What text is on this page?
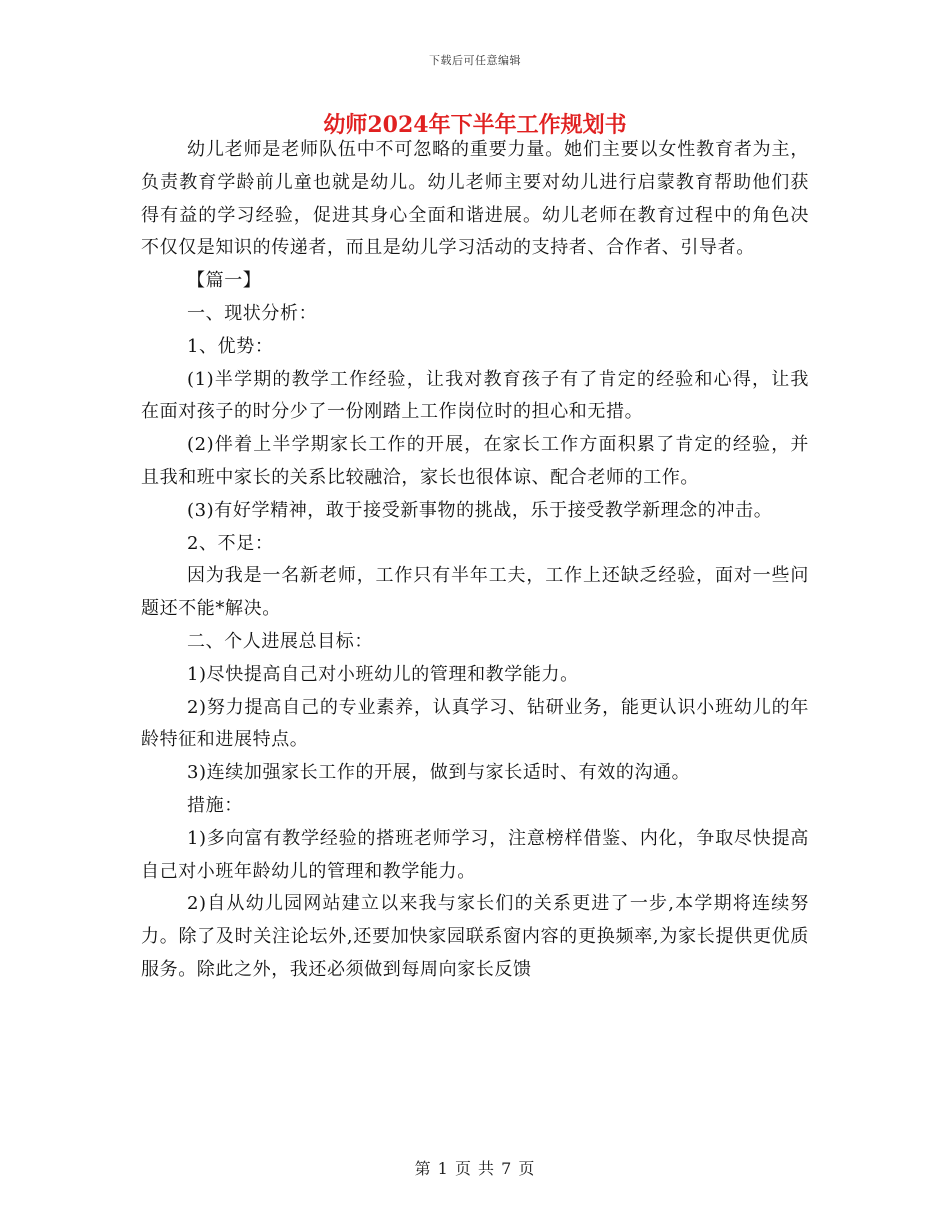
下载后可任意编辑
幼师2024年下半年工作规划书

幼儿老师是老师队伍中不可忽略的重要力量。她们主要以女性教育者为主，负责教育学龄前儿童也就是幼儿。幼儿老师主要对幼儿进行启蒙教育帮助他们获得有益的学习经验，促进其身心全面和谐进展。幼儿老师在教育过程中的角色决不仅仅是知识的传递者，而且是幼儿学习活动的支持者、合作者、引导者。

【篇一】

一、现状分析：

1、优势：

(1)半学期的教学工作经验，让我对教育孩子有了肯定的经验和心得，让我在面对孩子的时分少了一份刚踏上工作岗位时的担心和无措。

(2)伴着上半学期家长工作的开展，在家长工作方面积累了肯定的经验，并且我和班中家长的关系比较融洽，家长也很体谅、配合老师的工作。

(3)有好学精神，敢于接受新事物的挑战，乐于接受教学新理念的冲击。

2、不足：

因为我是一名新老师，工作只有半年工夫，工作上还缺乏经验，面对一些问题还不能*解决。

二、个人进展总目标：

1)尽快提高自己对小班幼儿的管理和教学能力。

2)努力提高自己的专业素养，认真学习、钻研业务，能更认识小班幼儿的年龄特征和进展特点。

3)连续加强家长工作的开展，做到与家长适时、有效的沟通。

措施：

1)多向富有教学经验的搭班老师学习，注意榜样借鉴、内化，争取尽快提高自己对小班年龄幼儿的管理和教学能力。

2)自从幼儿园网站建立以来我与家长们的关系更进了一步,本学期将连续努力。除了及时关注论坛外,还要加快家园联系窗内容的更换频率,为家长提供更优质服务。除此之外，我还必须做到每周向家长反馈

第 1 页 共 7 页
